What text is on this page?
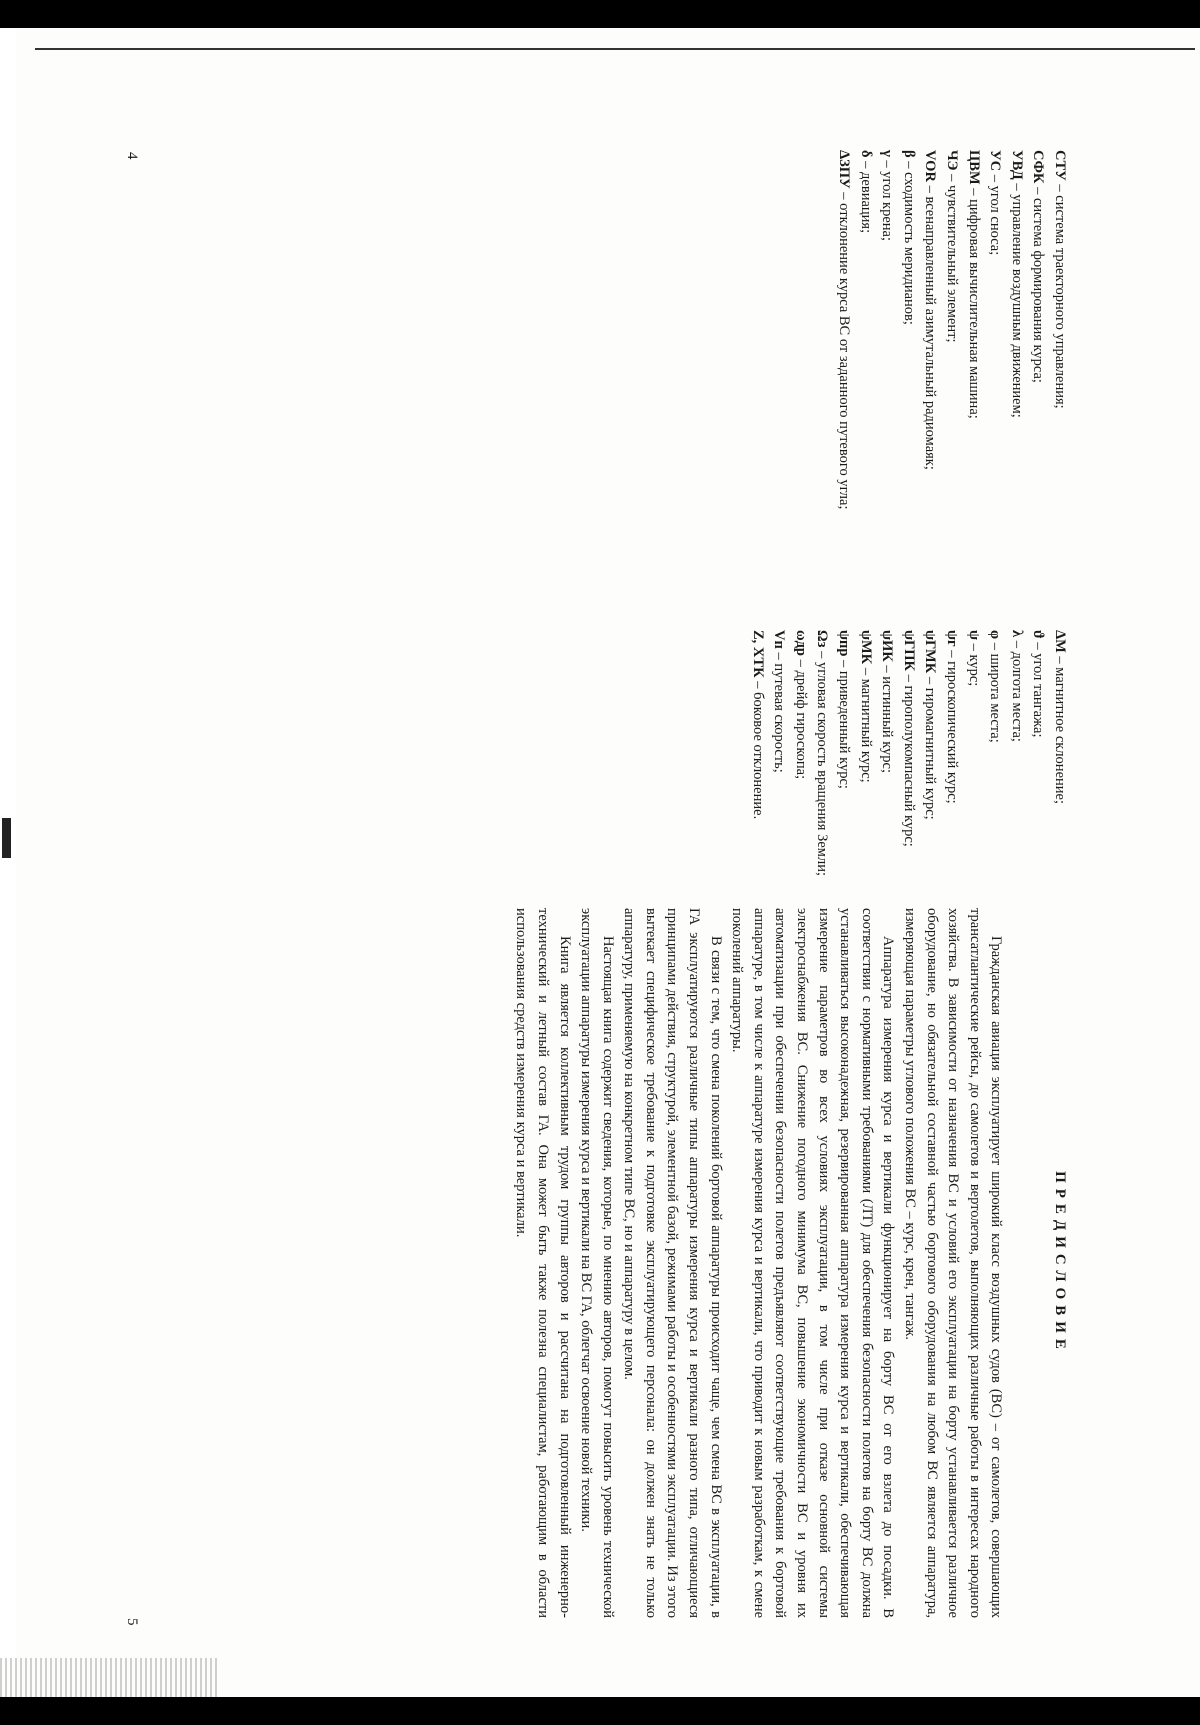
СТУ – система траекторного управления;

СФК – система формирования курса;

УВД – управление воздушным движением;

УС – угол сноса;

ЦВМ – цифровая вычислительная машина;

ЧЭ – чувствительный элемент;

VOR – всенаправленный азимутальный радиомаяк;

β – сходимость меридианов;

γ – угол крена;

δ – девиация;

ΔЗПУ – отклонение курса ВС от заданного путевого угла;

ΔМ – магнитное склонение;

ϑ – угол тангажа;

λ – долгота места;

φ – широта места;

ψ – курс;

ψг – гироскопический курс;

ψГМК – гиромагнитный курс;

ψГПК – гирополукомпасный курс;

ψИК – истинный курс;

ψМК – магнитный курс;

ψпр – приведенный курс;

Ωз – угловая скорость вращения Земли;

ωдр – дрейф гироскопа;

Vп – путевая скорость;

Z, ХТК – боковое отклонение.

ПРЕДИСЛОВИЕ

Гражданская авиация эксплуатирует широкий класс воздушных судов (ВС) – от самолетов, совершающих трансатлантические рейсы, до самолетов и вертолетов, выполняющих различные работы в интересах народного хозяйства. В зависимости от назначения ВС и условий его эксплуатации на борту устанавливается различное оборудование, но обязательной составной частью бортового оборудования на любом ВС является аппаратура, измеряющая параметры углового положения ВС – курс, крен, тангаж.

Аппаратура измерения курса и вертикали функционирует на борту ВС от его взлета до посадки. В соответствии с нормативными требованиями (ЛТ) для обеспечения безопасности полетов на борту ВС должна устанавливаться высоконадежная, резервированная аппаратура измерения курса и вертикали, обеспечивающая измерение параметров во всех условиях эксплуатации, в том числе при отказе основной системы электроснабжения ВС. Снижение погодного минимума ВС, повышение экономичности ВС и уровня их автоматизации при обеспечении безопасности полетов предъявляют соответствующие требования к бортовой аппаратуре, в том числе к аппаратуре измерения курса и вертикали, что приводит к новым разработкам, к смене поколений аппаратуры.

В связи с тем, что смена поколений бортовой аппаратуры происходит чаще, чем смена ВС в эксплуатации, в ГА эксплуатируются различные типы аппаратуры измерения курса и вертикали разного типа, отличающиеся принципами действия, структурой, элементной базой, режимами работы и особенностями эксплуатации. Из этого вытекает специфическое требование к подготовке эксплуатирующего персонала: он должен знать не только аппаратуру, применяемую на конкретном типе ВС, но и аппаратуру в целом.

Настоящая книга содержит сведения, которые, по мнению авторов, помогут повысить уровень технической эксплуатации аппаратуры измерения курса и вертикали на ВС ГА, облегчат освоение новой техники.

Книга является коллективным трудом группы авторов и рассчитана на подготовленный инженерно-технический и летный состав ГА. Она может быть также полезна специалистам, работающим в области использования средств измерения курса и вертикали.

4
5
